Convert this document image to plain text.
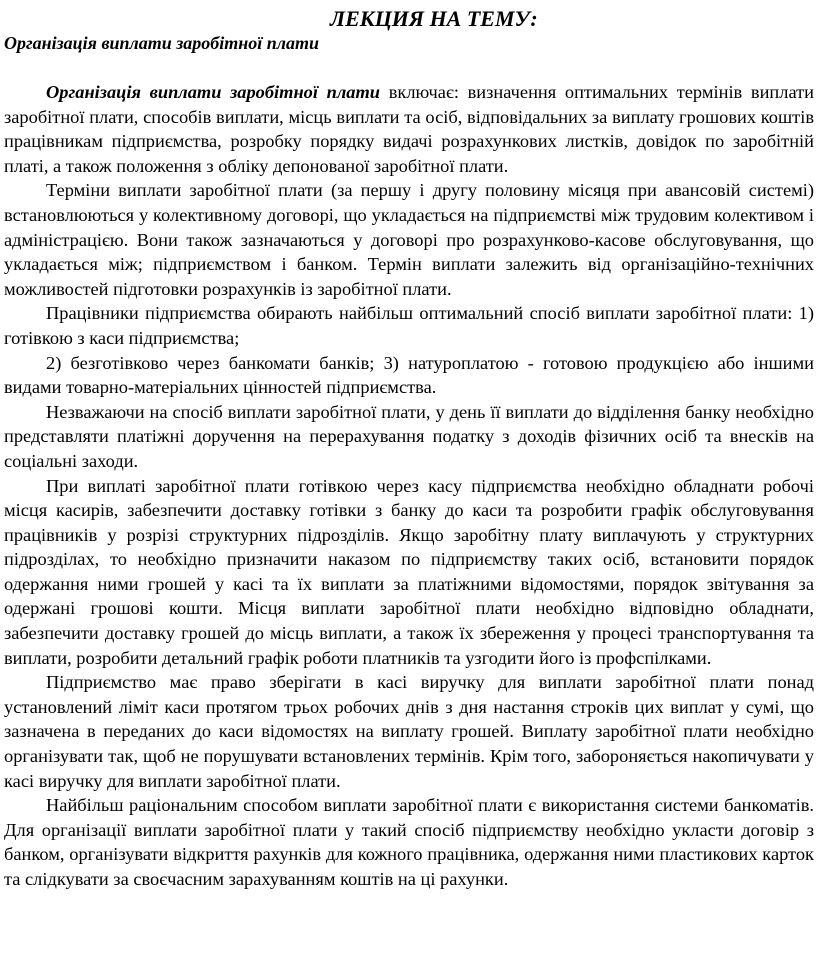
ЛЕКЦИЯ НА ТЕМУ:
Організація виплати заробітної плати

Організація виплати заробітної плати включає: визначення оптимальних термінів виплати заробітної плати, способів виплати, місць виплати та осіб, відповідальних за виплату грошових коштів працівникам підприємства, розробку порядку видачі розрахункових листків, довідок по заробітній платі, а також положення з обліку депонованої заробітної плати.

Терміни виплати заробітної плати (за першу і другу половину місяця при авансовій системі) встановлюються у колективному договорі, що укладається на підприємстві між трудовим колективом і адміністрацією. Вони також зазначаються у договорі про розрахунково-касове обслуговування, що укладається між; підприємством і банком. Термін виплати залежить від організаційно-технічних можливостей підготовки розрахунків із заробітної плати.

Працівники підприємства обирають найбільш оптимальний спосіб виплати заробітної плати: 1) готівкою з каси підприємства;

2) безготівково через банкомати банків; 3) натуроплатою - готовою продукцією або іншими видами товарно-матеріальних цінностей підприємства.

Незважаючи на спосіб виплати заробітної плати, у день її виплати до відділення банку необхідно представляти платіжні доручення на перерахування податку з доходів фізичних осіб та внесків на соціальні заходи.

При виплаті заробітної плати готівкою через касу підприємства необхідно обладнати робочі місця касирів, забезпечити доставку готівки з банку до каси та розробити графік обслуговування працівників у розрізі структурних підрозділів. Якщо заробітну плату виплачують у структурних підрозділах, то необхідно призначити наказом по підприємству таких осіб, встановити порядок одержання ними грошей у касі та їх виплати за платіжними відомостями, порядок звітування за одержані грошові кошти. Місця виплати заробітної плати необхідно відповідно обладнати, забезпечити доставку грошей до місць виплати, а також їх збереження у процесі транспортування та виплати, розробити детальний графік роботи платників та узгодити його із профспілками.

Підприємство має право зберігати в касі виручку для виплати заробітної плати понад установлений ліміт каси протягом трьох робочих днів з дня настання строків цих виплат у сумі, що зазначена в переданих до каси відомостях на виплату грошей. Виплату заробітної плати необхідно організувати так, щоб не порушувати встановлених термінів. Крім того, забороняється накопичувати у касі виручку для виплати заробітної плати.

Найбільш раціональним способом виплати заробітної плати є використання системи банкоматів. Для організації виплати заробітної плати у такий спосіб підприємству необхідно укласти договір з банком, організувати відкриття рахунків для кожного працівника, одержання ними пластикових карток та слідкувати за своєчасним зарахуванням коштів на ці рахунки.
